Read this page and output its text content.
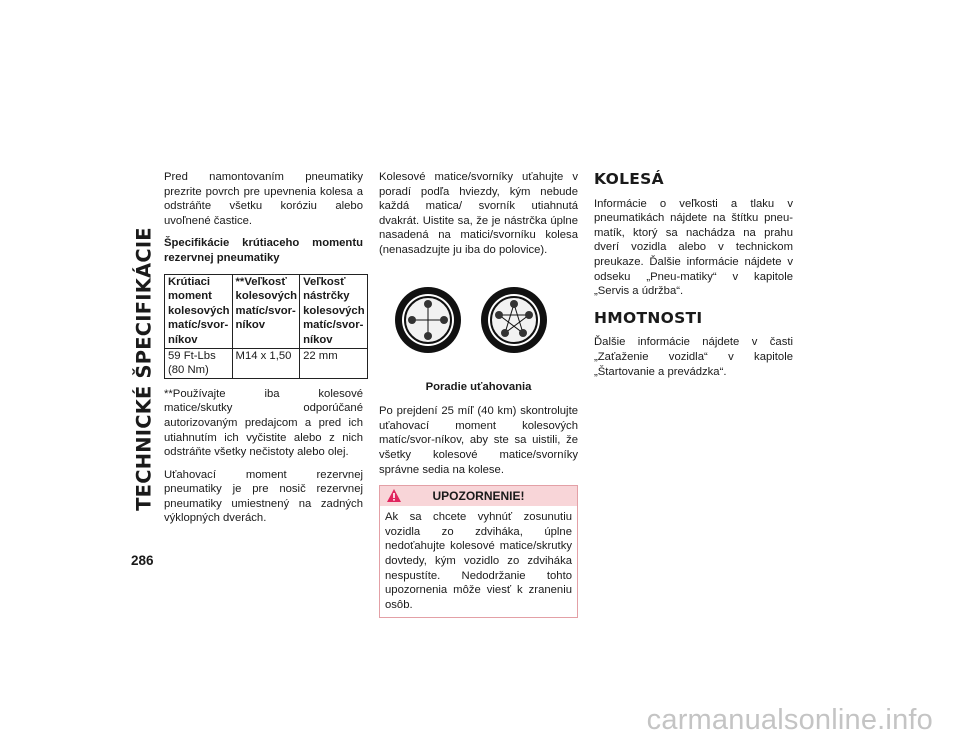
TECHNICKÉ ŠPECIFIKÁCIE
286

Pred namontovaním pneumatiky prezrite povrch pre upevnenia kolesa a odstráňte všetku koróziu alebo uvoľnené častice.

Špecifikácie krútiaceho momentu rezervnej pneumatiky

Krútiaci moment kolesových matíc/svor-níkov	**Veľkosť kolesových matíc/svor-níkov	Veľkosť nástrčky kolesových matíc/svor-níkov
59 Ft-Lbs (80 Nm)	M14 x 1,50	22 mm

**Používajte iba kolesové matice/skutky odporúčané autorizovaným predajcom a pred ich utiahnutím ich vyčistite alebo z nich odstráňte všetky nečistoty alebo olej.

Uťahovací moment rezervnej pneumatiky je pre nosič rezervnej pneumatiky umiestnený na zadných výklopných dverách.

Kolesové matice/svorníky uťahujte v poradí podľa hviezdy, kým nebude každá matica/ svorník utiahnutá dvakrát. Uistite sa, že je nástrčka úplne nasadená na matici/svorníku kolesa (nenasadzujte ju iba do polovice).

Poradie uťahovania

Po prejdení 25 míľ (40 km) skontrolujte uťahovací moment kolesových matíc/svor-níkov, aby ste sa uistili, že všetky kolesové matice/svorníky správne sedia na kolese.

UPOZORNENIE!
Ak sa chcete vyhnúť zosunutiu vozidla zo zdviháka, úplne nedoťahujte kolesové matice/skrutky dovtedy, kým vozidlo zo zdviháka nespustíte. Nedodržanie tohto upozornenia môže viesť k zraneniu osôb.
KOLESÁ

Informácie o veľkosti a tlaku v pneumatikách nájdete na štítku pneu-matík, ktorý sa nachádza na prahu dverí vozidla alebo v technickom preukaze. Ďalšie informácie nájdete v odseku „Pneu-matiky“ v kapitole „Servis a údržba“.

HMOTNOSTI

Ďalšie informácie nájdete v časti „Zaťaženie vozidla“ v kapitole „Štartovanie a prevádzka“.

carmanualsonline.info
